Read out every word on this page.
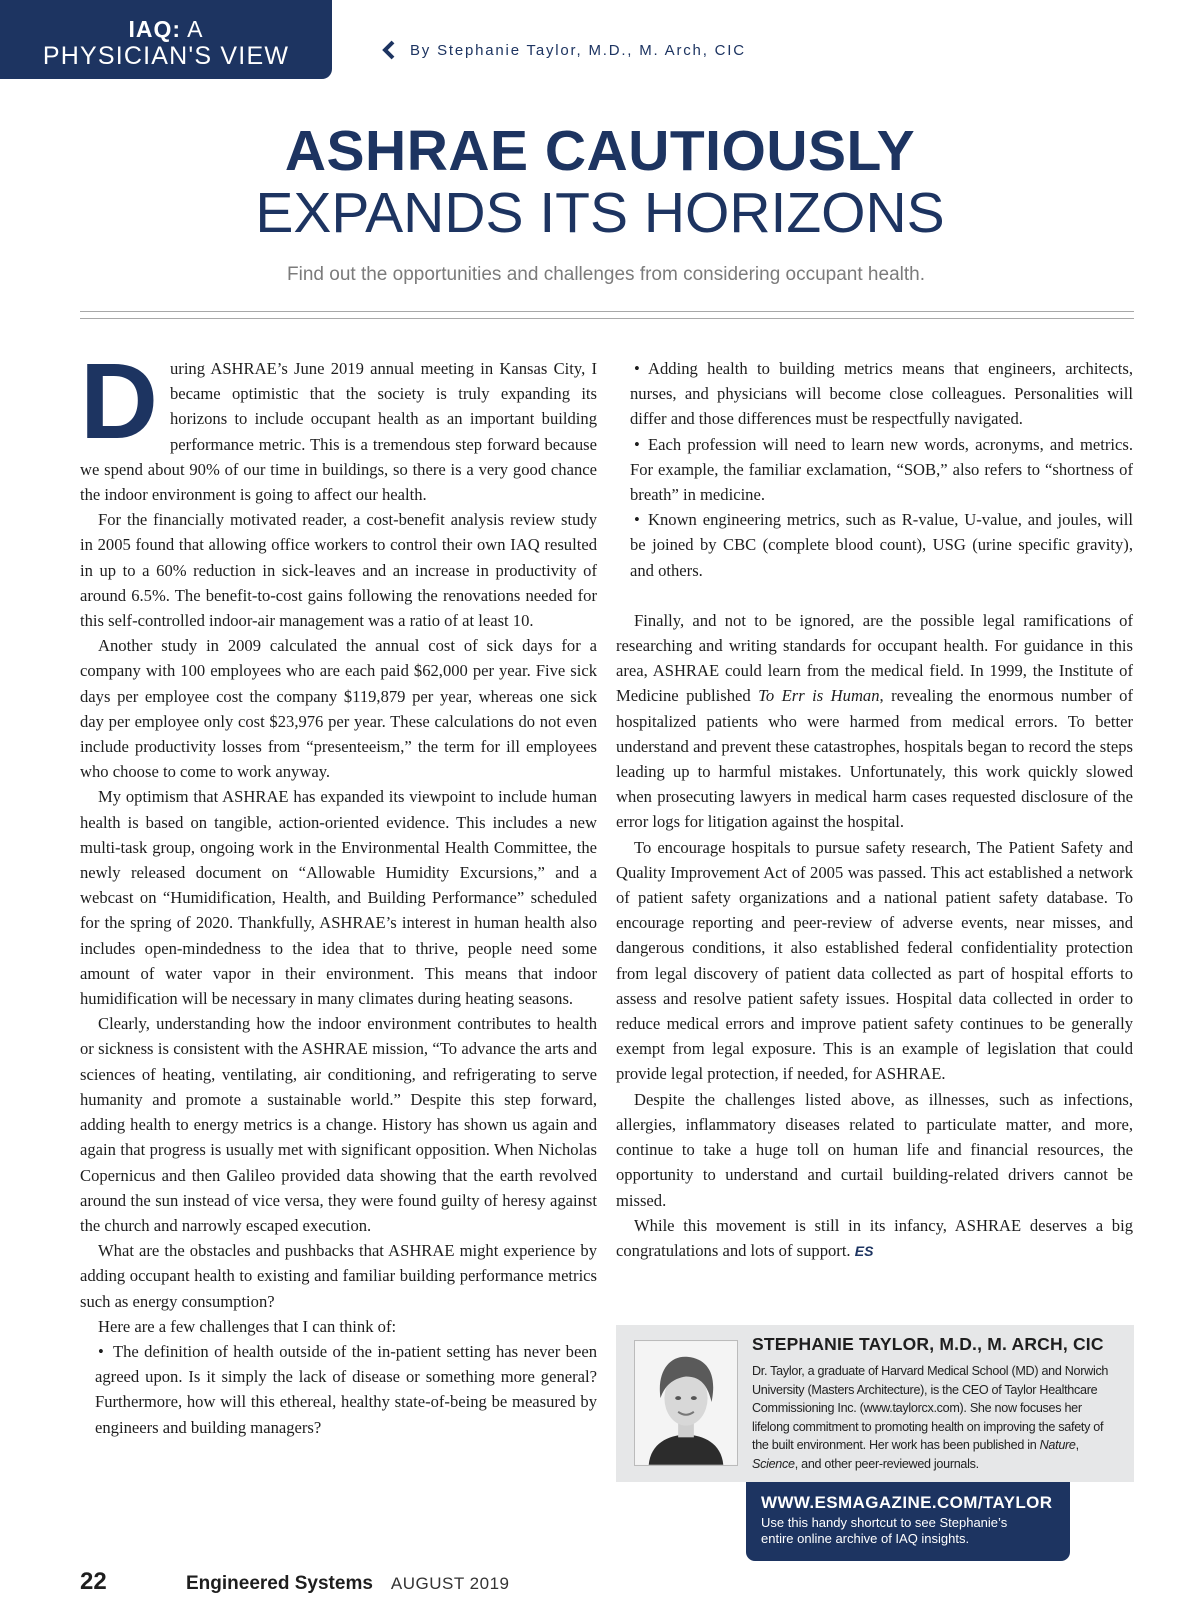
IAQ: A
PHYSICIAN'S VIEW	By Stephanie Taylor, M.D., M. Arch, CIC
ASHRAE CAUTIOUSLY
EXPANDS ITS HORIZONS
Find out the opportunities and challenges from considering occupant health.

During ASHRAE’s June 2019 annual meeting in Kansas City, I became optimistic that the society is truly expanding its horizons to include occupant health as an important building performance metric. This is a tremendous step forward because we spend about 90% of our time in buildings, so there is a very good chance the indoor environment is going to affect our health.

For the financially motivated reader, a cost-benefit analysis review study in 2005 found that allowing office workers to control their own IAQ resulted in up to a 60% reduction in sick-leaves and an increase in productivity of around 6.5%. The benefit-to-cost gains following the renovations needed for this self-controlled indoor-air management was a ratio of at least 10.

Another study in 2009 calculated the annual cost of sick days for a company with 100 employees who are each paid $62,000 per year. Five sick days per employee cost the company $119,879 per year, whereas one sick day per employee only cost $23,976 per year. These calculations do not even include productivity losses from “presenteeism,” the term for ill employees who choose to come to work anyway.

My optimism that ASHRAE has expanded its viewpoint to include human health is based on tangible, action-oriented evidence. This includes a new multi-task group, ongoing work in the Environmental Health Committee, the newly released document on “Allowable Humidity Excursions,” and a webcast on “Humidification, Health, and Building Performance” scheduled for the spring of 2020. Thankfully, ASHRAE’s interest in human health also includes open-mindedness to the idea that to thrive, people need some amount of water vapor in their environment. This means that indoor humidification will be necessary in many climates during heating seasons.

Clearly, understanding how the indoor environment contributes to health or sickness is consistent with the ASHRAE mission, “To advance the arts and sciences of heating, ventilating, air conditioning, and refrigerating to serve humanity and promote a sustainable world.” Despite this step forward, adding health to energy metrics is a change. History has shown us again and again that progress is usually met with significant opposition. When Nicholas Copernicus and then Galileo provided data showing that the earth revolved around the sun instead of vice versa, they were found guilty of heresy against the church and narrowly escaped execution.

What are the obstacles and pushbacks that ASHRAE might experience by adding occupant health to existing and familiar building performance metrics such as energy consumption?

Here are a few challenges that I can think of:

• The definition of health outside of the in-patient setting has never been agreed upon. Is it simply the lack of disease or something more general? Furthermore, how will this ethereal, healthy state-of-being be measured by engineers and building managers?

• Adding health to building metrics means that engineers, architects, nurses, and physicians will become close colleagues. Personalities will differ and those differences must be respectfully navigated.

• Each profession will need to learn new words, acronyms, and metrics. For example, the familiar exclamation, “SOB,” also refers to “shortness of breath” in medicine.

• Known engineering metrics, such as R-value, U-value, and joules, will be joined by CBC (complete blood count), USG (urine specific gravity), and others.

Finally, and not to be ignored, are the possible legal ramifications of researching and writing standards for occupant health. For guidance in this area, ASHRAE could learn from the medical field. In 1999, the Institute of Medicine published To Err is Human, revealing the enormous number of hospitalized patients who were harmed from medical errors. To better understand and prevent these catastrophes, hospitals began to record the steps leading up to harmful mistakes. Unfortunately, this work quickly slowed when prosecuting lawyers in medical harm cases requested disclosure of the error logs for litigation against the hospital.

To encourage hospitals to pursue safety research, The Patient Safety and Quality Improvement Act of 2005 was passed. This act established a network of patient safety organizations and a national patient safety database. To encourage reporting and peer-review of adverse events, near misses, and dangerous conditions, it also established federal confidentiality protection from legal discovery of patient data collected as part of hospital efforts to assess and resolve patient safety issues. Hospital data collected in order to reduce medical errors and improve patient safety continues to be generally exempt from legal exposure. This is an example of legislation that could provide legal protection, if needed, for ASHRAE.

Despite the challenges listed above, as illnesses, such as infections, allergies, inflammatory diseases related to particulate matter, and more, continue to take a huge toll on human life and financial resources, the opportunity to understand and curtail building-related drivers cannot be missed.

While this movement is still in its infancy, ASHRAE deserves a big congratulations and lots of support. ES

STEPHANIE TAYLOR, M.D., M. ARCH, CIC
Dr. Taylor, a graduate of Harvard Medical School (MD) and Norwich University (Masters Architecture), is the CEO of Taylor Healthcare Commissioning Inc. (www.taylorcx.com). She now focuses her lifelong commitment to promoting health on improving the safety of the built environment. Her work has been published in Nature, Science, and other peer-reviewed journals.
WWW.ESMAGAZINE.COM/TAYLOR
Use this handy shortcut to see Stephanie’s
entire online archive of IAQ insights.
22	Engineered Systems AUGUST 2019
